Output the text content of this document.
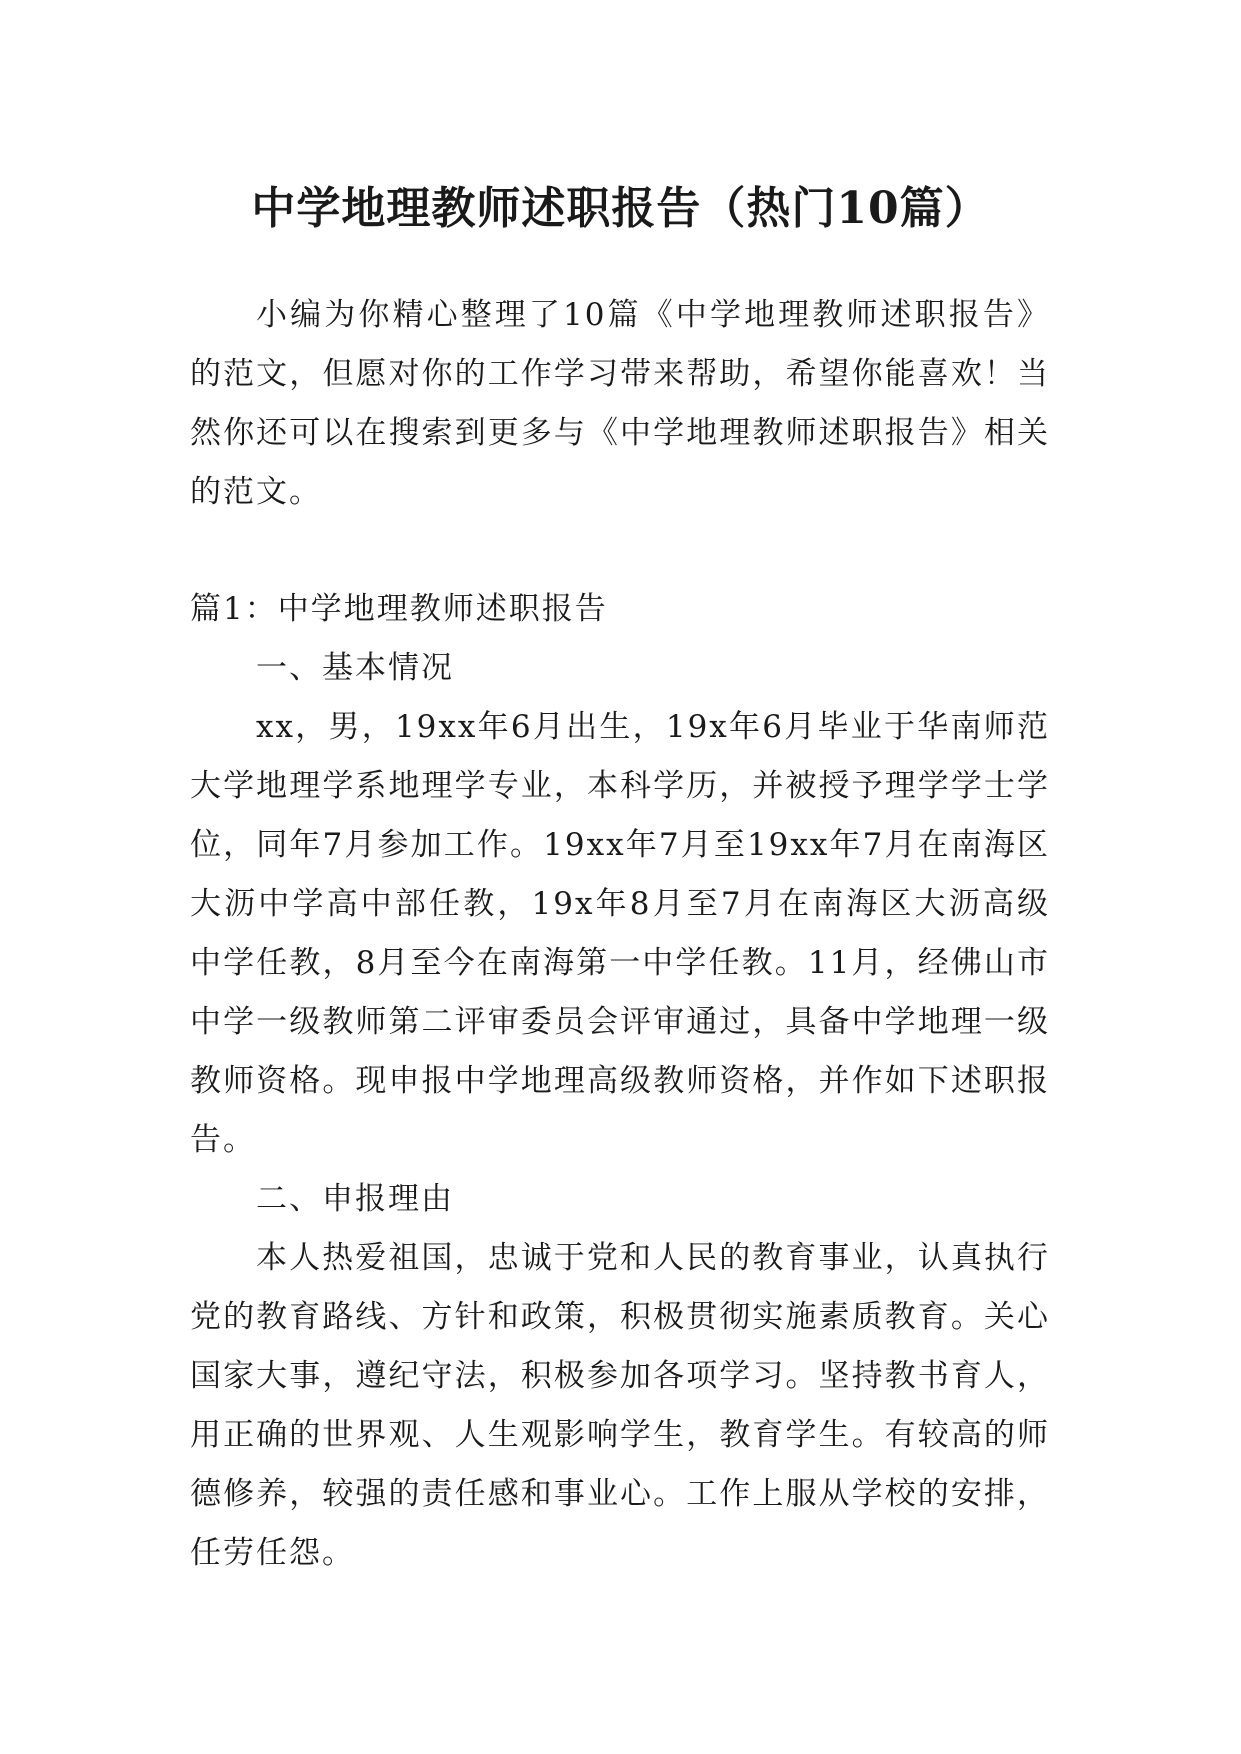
中学地理教师述职报告（热门10篇）

小编为你精心整理了10篇《中学地理教师述职报告》的范文，但愿对你的工作学习带来帮助，希望你能喜欢！当然你还可以在搜索到更多与《中学地理教师述职报告》相关的范文。

篇1：中学地理教师述职报告

一、基本情况

xx，男，19xx年6月出生，19x年6月毕业于华南师范大学地理学系地理学专业，本科学历，并被授予理学学士学位，同年7月参加工作。19xx年7月至19xx年7月在南海区大沥中学高中部任教，19x年8月至7月在南海区大沥高级中学任教，8月至今在南海第一中学任教。11月，经佛山市中学一级教师第二评审委员会评审通过，具备中学地理一级教师资格。现申报中学地理高级教师资格，并作如下述职报告。

二、申报理由

本人热爱祖国，忠诚于党和人民的教育事业，认真执行党的教育路线、方针和政策，积极贯彻实施素质教育。关心国家大事，遵纪守法，积极参加各项学习。坚持教书育人，用正确的世界观、人生观影响学生，教育学生。有较高的师德修养，较强的责任感和事业心。工作上服从学校的安排，任劳任怨。
